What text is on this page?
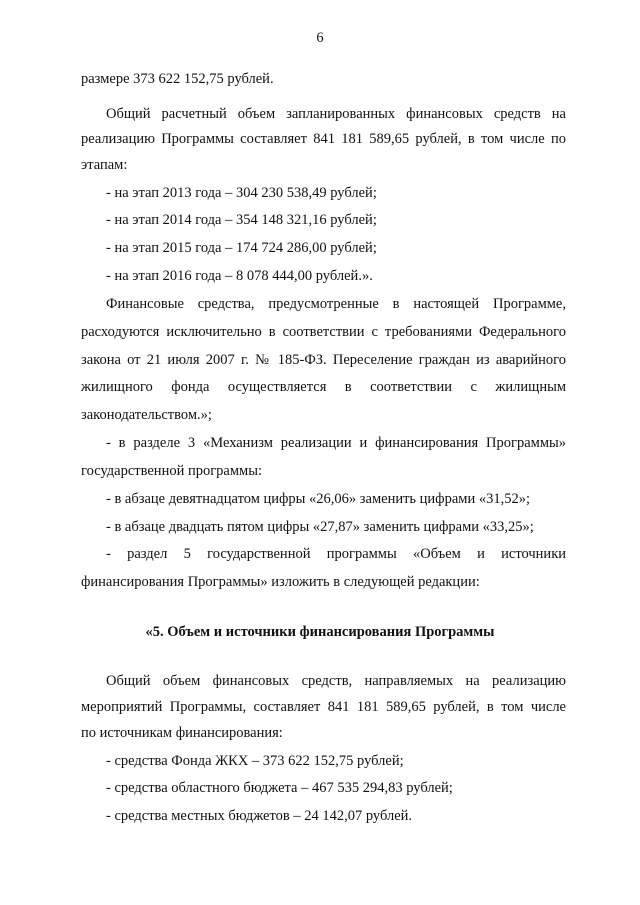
6
размере 373 622 152,75 рублей.
Общий расчетный объем запланированных финансовых средств на
реализацию Программы составляет 841 181 589,65 рублей, в том числе по
этапам:
- на этап 2013 года – 304 230 538,49 рублей;
- на этап 2014 года – 354 148 321,16 рублей;
- на этап 2015 года – 174 724 286,00 рублей;
- на этап 2016 года – 8 078 444,00 рублей.».
Финансовые средства, предусмотренные в настоящей Программе,
расходуются исключительно в соответствии с требованиями Федерального
закона от 21 июля 2007 г. № 185-ФЗ. Переселение граждан из аварийного
жилищного фонда осуществляется в соответствии с жилищным
законодательством.»;
- в разделе 3 «Механизм реализации и финансирования Программы»
государственной программы:
- в абзаце девятнадцатом цифры «26,06» заменить цифрами «31,52»;
- в абзаце двадцать пятом цифры «27,87» заменить цифрами «33,25»;
- раздел 5 государственной программы «Объем и источники
финансирования Программы» изложить в следующей редакции:
«5. Объем и источники финансирования Программы
Общий объем финансовых средств, направляемых на реализацию
мероприятий Программы, составляет 841 181 589,65 рублей, в том числе
по источникам финансирования:
- средства Фонда ЖКХ – 373 622 152,75 рублей;
- средства областного бюджета – 467 535 294,83 рублей;
- средства местных бюджетов – 24 142,07 рублей.
